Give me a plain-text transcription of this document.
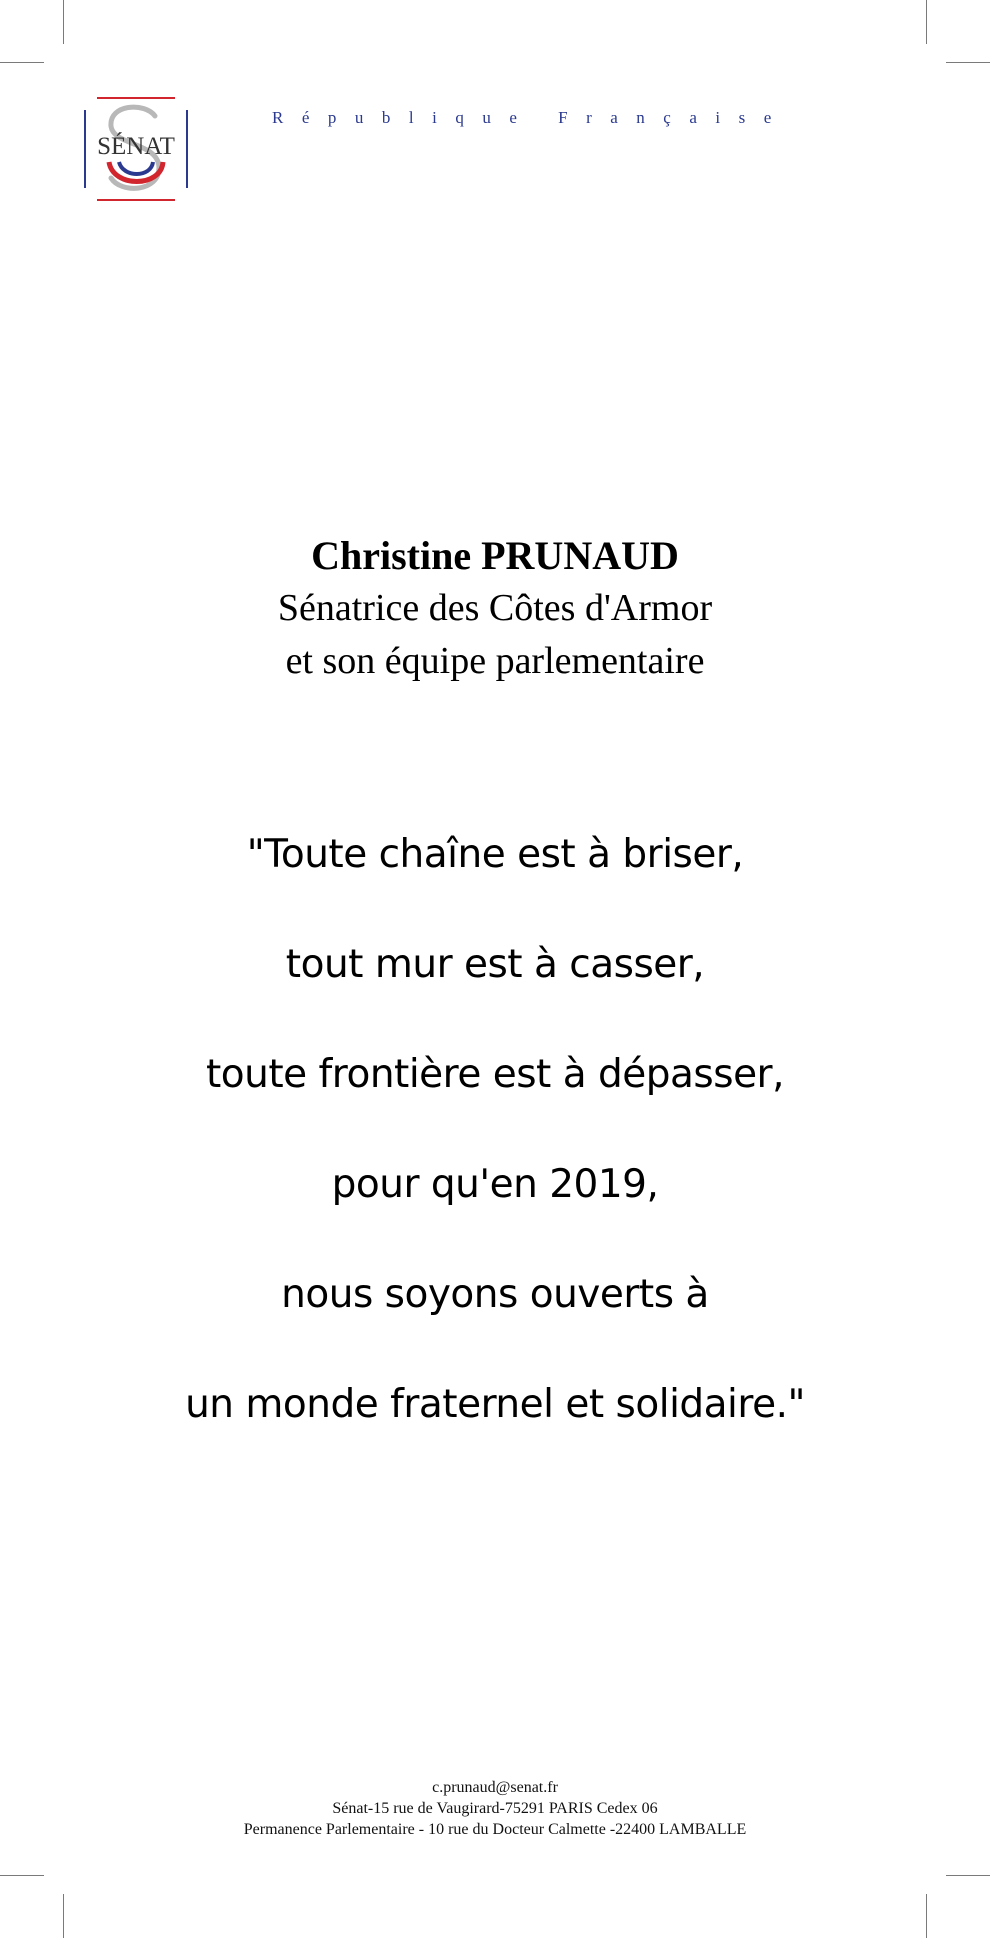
SÉNAT
République Française
Christine PRUNAUD
Sénatrice des Côtes d'Armor
et son équipe parlementaire
"Toute chaîne est à briser,
tout mur est à casser,
toute frontière est à dépasser,
pour qu'en 2019,
nous soyons ouverts à
un monde fraternel et solidaire."
c.prunaud@senat.fr
Sénat-15 rue de Vaugirard-75291 PARIS Cedex 06
Permanence Parlementaire - 10 rue du Docteur Calmette -22400 LAMBALLE
